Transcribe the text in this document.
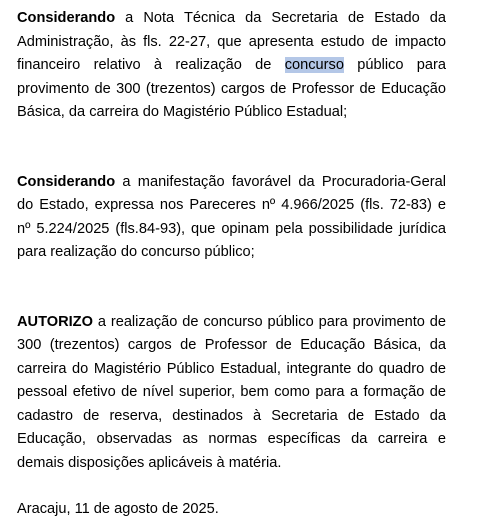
Considerando a Nota Técnica da Secretaria de Estado da Administração, às fls. 22-27, que apresenta estudo de impacto financeiro relativo à realização de concurso público para provimento de 300 (trezentos) cargos de Professor de Educação Básica, da carreira do Magistério Público Estadual;

Considerando a manifestação favorável da Procuradoria-Geral do Estado, expressa nos Pareceres nº 4.966/2025 (fls. 72-83) e nº 5.224/2025 (fls.84-93), que opinam pela possibilidade jurídica para realização do concurso público;

AUTORIZO a realização de concurso público para provimento de 300 (trezentos) cargos de Professor de Educação Básica, da carreira do Magistério Público Estadual, integrante do quadro de pessoal efetivo de nível superior, bem como para a formação de cadastro de reserva, destinados à Secretaria de Estado da Educação, observadas as normas específicas da carreira e demais disposições aplicáveis à matéria.

Aracaju, 11 de agosto de 2025.
